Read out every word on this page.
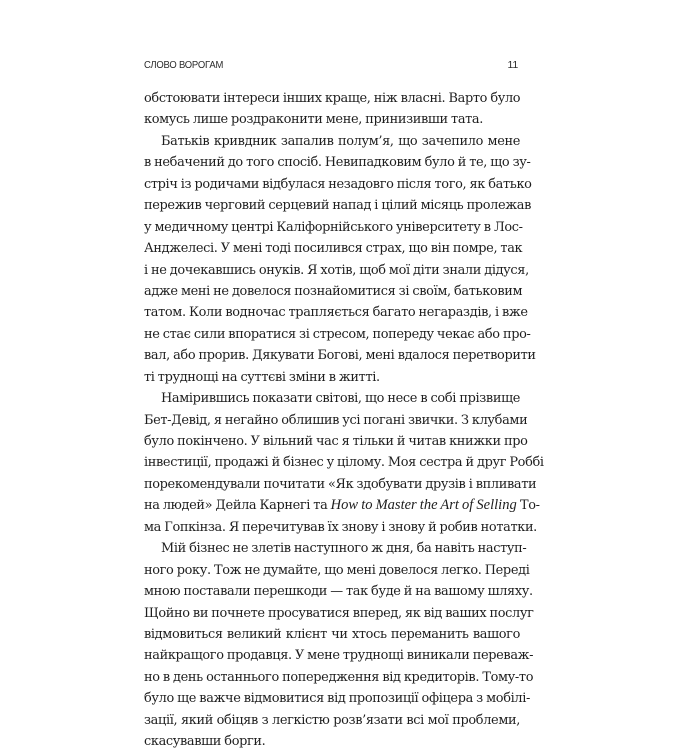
СЛОВО ВОРОГАМ	11
обстоювати інтереси інших краще, ніж власні. Варто було
комусь лише роздраконити мене, принизивши тата.
Батьків кривдник запалив полум’я, що зачепило мене
в небачений до того спосіб. Невипадковим було й те, що зу-
стріч із родичами відбулася незадовго після того, як батько
пережив черговий серцевий напад і цілий місяць пролежав
у медичному центрі Каліфорнійського університету в Лос-
Анджелесі. У мені тоді посилився страх, що він помре, так
і не дочекавшись онуків. Я хотів, щоб мої діти знали дідуся,
адже мені не довелося познайомитися зі своїм, батьковим
татом. Коли водночас трапляється багато негараздів, і вже
не стає сили впоратися зі стресом, попереду чекає або про-
вал, або прорив. Дякувати Богові, мені вдалося перетворити
ті труднощі на суттєві зміни в житті.
Намірившись показати світові, що несе в собі прізвище
Бет-Девід, я негайно облишив усі погані звички. З клубами
було покінчено. У вільний час я тільки й читав книжки про
інвестиції, продажі й бізнес у цілому. Моя сестра й друг Роббі
порекомендували почитати «Як здобувати друзів і впливати
на людей» Дейла Карнегі та How to Master the Art of Selling То-
ма Гопкінза. Я перечитував їх знову і знову й робив нотатки.
Мій бізнес не злетів наступного ж дня, ба навіть наступ-
ного року. Тож не думайте, що мені довелося легко. Переді
мною поставали перешкоди — так буде й на вашому шляху.
Щойно ви почнете просуватися вперед, як від ваших послуг
відмовиться великий клієнт чи хтось переманить вашого
найкращого продавця. У мене труднощі виникали переваж-
но в день останнього попередження від кредиторів. Тому-то
було ще важче відмовитися від пропозиції офіцера з мобілі-
зації, який обіцяв з легкістю розв’язати всі мої проблеми,
скасувавши борги.
